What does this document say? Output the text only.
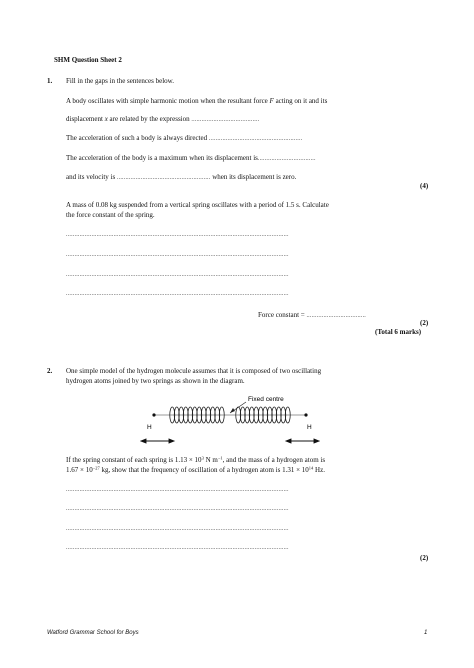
SHM Question Sheet 2
1. Fill in the gaps in the sentences below.
A body oscillates with simple harmonic motion when the resultant force F acting on it and its
displacement x are related by the expression ........................................
The acceleration of such a body is always directed .......................................................
The acceleration of the body is a maximum when its displacement is..................................
and its velocity is ....................................................... when its displacement is zero.
(4)
A mass of 0.08 kg suspended from a vertical spring oscillates with a period of 1.5 s. Calculate
the force constant of the spring.
...................................................................................................................................
...................................................................................................................................
...................................................................................................................................
...................................................................................................................................
Force constant = ...................................
(2)
(Total 6 marks)
2. One simple model of the hydrogen molecule assumes that it is composed of two oscillating
hydrogen atoms joined by two springs as shown in the diagram.
Fixed centre
H	H
If the spring constant of each spring is $1.13 \times 10^3$ N $m^{-1}$, and the mass of a hydrogen atom is
$1.67 \times 10^{-27}$ kg, show that the frequency of oscillation of a hydrogen atom is $1.31 \times 10^{14}$ Hz.
...................................................................................................................................
...................................................................................................................................
...................................................................................................................................
...................................................................................................................................
(2)
Watford Grammar School for Boys	1
